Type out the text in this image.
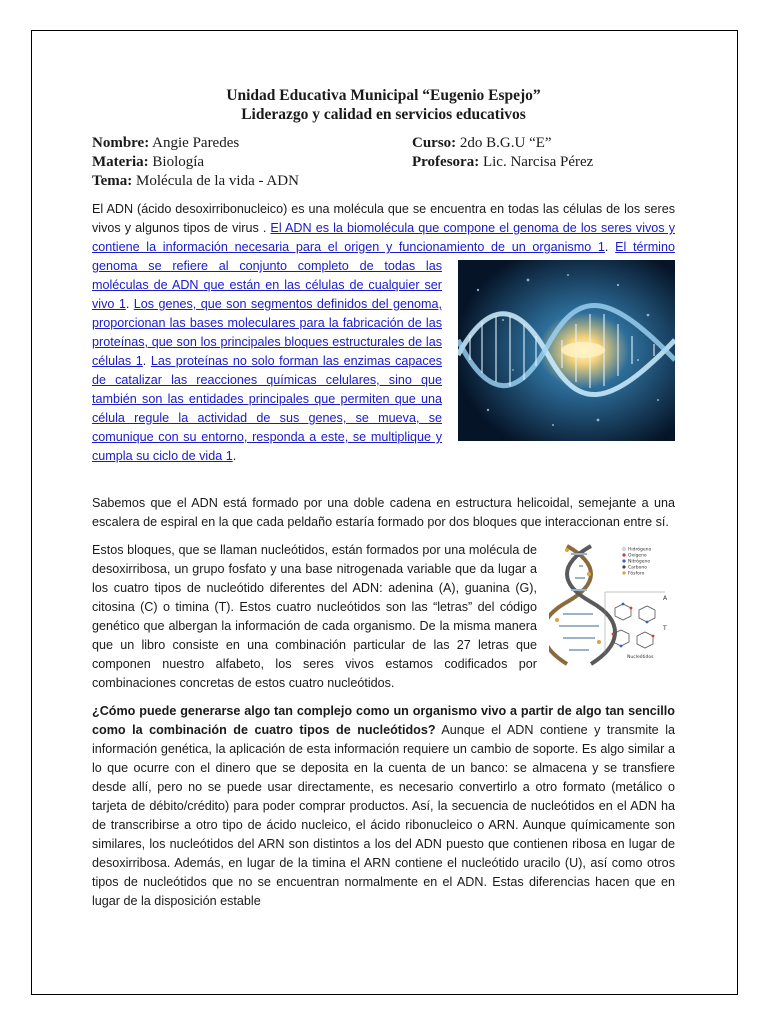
Unidad Educativa Municipal “Eugenio Espejo”
Liderazgo y calidad en servicios educativos
Nombre: Angie Paredes	Curso: 2do B.G.U “E”
Materia: Biología	Profesora: Lic. Narcisa Pérez
Tema: Molécula de la vida - ADN
El ADN (ácido desoxirribonucleico) es una molécula que se encuentra en todas las células de los seres vivos y algunos tipos de virus . El ADN es la biomolécula que compone el genoma de los seres vivos y contiene la información necesaria para el origen y funcionamiento de un organismo 1.
El término genoma se refiere al conjunto completo de todas las moléculas de ADN que están en las células de cualquier ser vivo 1. Los genes, que son segmentos definidos del genoma, proporcionan las bases moleculares para la fabricación de las proteínas, que son los principales bloques estructurales de las células 1. Las proteínas no solo forman las enzimas capaces de catalizar las reacciones químicas celulares, sino que también son las entidades principales que permiten que una célula regule la actividad de sus genes, se mueva, se comunique con su entorno, responda a este, se multiplique y cumpla su ciclo de vida 1.
Sabemos que el ADN está formado por una doble cadena en estructura helicoidal, semejante a una escalera de espiral en la que cada peldaño estaría formado por dos bloques que interaccionan entre sí.
Hidrógeno
Oxígeno
Nitrógeno
Carbono
Fósforo
A
T
Nucleótidos
Estos bloques, que se llaman nucleótidos, están formados por una molécula de desoxirribosa, un grupo fosfato y una base nitrogenada variable que da lugar a los cuatro tipos de nucleótido diferentes del ADN: adenina (A), guanina (G), citosina (C) o timina (T). Estos cuatro nucleótidos son las “letras” del código genético que albergan la información de cada organismo. De la misma manera que un libro consiste en una combinación particular de las 27 letras que componen nuestro alfabeto, los seres vivos estamos codificados por combinaciones concretas de estos cuatro nucleótidos.
¿Cómo puede generarse algo tan complejo como un organismo vivo a partir de algo tan sencillo como la combinación de cuatro tipos de nucleótidos? Aunque el ADN contiene y transmite la información genética, la aplicación de esta información requiere un cambio de soporte. Es algo similar a lo que ocurre con el dinero que se deposita en la cuenta de un banco: se almacena y se transfiere desde allí, pero no se puede usar directamente, es necesario convertirlo a otro formato (metálico o tarjeta de débito/crédito) para poder comprar productos. Así, la secuencia de nucleótidos en el ADN ha de transcribirse a otro tipo de ácido nucleico, el ácido ribonucleico o ARN. Aunque químicamente son similares, los nucleótidos del ARN son distintos a los del ADN puesto que contienen ribosa en lugar de desoxirribosa. Además, en lugar de la timina el ARN contiene el nucleótido uracilo (U), así como otros tipos de nucleótidos que no se encuentran normalmente en el ADN. Estas diferencias hacen que en lugar de la disposición estable
